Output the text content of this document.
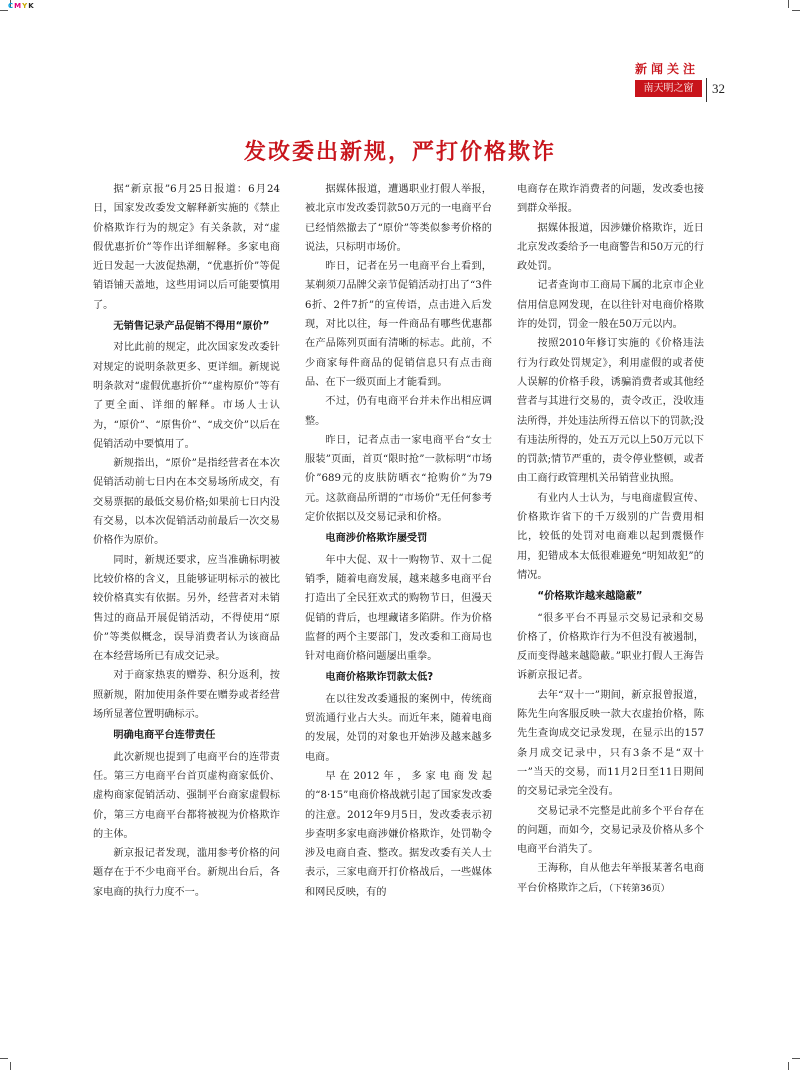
CMYK
新闻关注
南天明之窗	32
发改委出新规，严打价格欺诈

据“新京报”6月25日报道：6月24日，国家发改委发文解释新实施的《禁止价格欺诈行为的规定》有关条款，对“虚假优惠折价”等作出详细解释。多家电商近日发起一大波促热潮，“优惠折价”等促销语铺天盖地，这些用词以后可能要慎用了。

无销售记录产品促销不得用“原价”

对比此前的规定，此次国家发改委针对规定的说明条款更多、更详细。新规说明条款对“虚假优惠折价”“虚构原价”等有了更全面、详细的解释。市场人士认为，“原价”、“原售价”、“成交价”以后在促销活动中要慎用了。

新规指出，“原价”是指经营者在本次促销活动前七日内在本交易场所成交，有交易票据的最低交易价格;如果前七日内没有交易，以本次促销活动前最后一次交易价格作为原价。

同时，新规还要求，应当准确标明被比较价格的含义，且能够证明标示的被比较价格真实有依据。另外，经营者对未销售过的商品开展促销活动，不得使用“原价”等类似概念，误导消费者认为该商品在本经营场所已有成交记录。

对于商家热衷的赠券、积分返利，按照新规，附加使用条件要在赠券或者经营场所显著位置明确标示。

明确电商平台连带责任

此次新规也提到了电商平台的连带责任。第三方电商平台首页虚构商家低价、虚构商家促销活动、强制平台商家虚假标价，第三方电商平台都将被视为价格欺诈的主体。

新京报记者发现，滥用参考价格的问题存在于不少电商平台。新规出台后，各家电商的执行力度不一。

据媒体报道，遭遇职业打假人举报，被北京市发改委罚款50万元的一电商平台已经悄然撤去了“原价”等类似参考价格的说法，只标明市场价。

昨日，记者在另一电商平台上看到，某剃须刀品牌父亲节促销活动打出了“3件6折、2件7折”的宣传语，点击进入后发现，对比以往，每一件商品有哪些优惠都在产品陈列页面有清晰的标志。此前，不少商家每件商品的促销信息只有点击商品、在下一级页面上才能看到。

不过，仍有电商平台并未作出相应调整。

昨日，记者点击一家电商平台“女士服装”页面，首页“限时抢”一款标明“市场价”689元的皮肤防晒衣“抢购价”为79元。这款商品所谓的“市场价”无任何参考定价依据以及交易记录和价格。

电商涉价格欺诈屡受罚

年中大促、双十一购物节、双十二促销季，随着电商发展，越来越多电商平台打造出了全民狂欢式的购物节日，但漫天促销的背后，也埋藏诸多陷阱。作为价格监督的两个主要部门，发改委和工商局也针对电商价格问题屡出重拳。

电商价格欺诈罚款太低?

在以往发改委通报的案例中，传统商贸流通行业占大头。而近年来，随着电商的发展，处罚的对象也开始涉及越来越多电商。

早在2012年，多家电商发起的“8·15”电商价格战就引起了国家发改委的注意。2012年9月5日，发改委表示初步查明多家电商涉嫌价格欺诈，处罚勒令涉及电商自查、整改。据发改委有关人士表示，三家电商开打价格战后，一些媒体和网民反映，有的

电商存在欺诈消费者的问题，发改委也接到群众举报。

据媒体报道，因涉嫌价格欺诈，近日北京发改委给予一电商警告和50万元的行政处罚。

记者查询市工商局下属的北京市企业信用信息网发现，在以往针对电商价格欺诈的处罚，罚金一般在50万元以内。

按照2010年修订实施的《价格违法行为行政处罚规定》，利用虚假的或者使人误解的价格手段，诱骗消费者或其他经营者与其进行交易的，责令改正，没收违法所得，并处违法所得五倍以下的罚款;没有违法所得的，处五万元以上50万元以下的罚款;情节严重的，责令停业整顿，或者由工商行政管理机关吊销营业执照。

有业内人士认为，与电商虚假宣传、价格欺诈省下的千万级别的广告费用相比，较低的处罚对电商难以起到震慑作用，犯错成本太低很难避免“明知故犯”的情况。

“价格欺诈越来越隐蔽”

“很多平台不再显示交易记录和交易价格了，价格欺诈行为不但没有被遏制，反而变得越来越隐蔽。”职业打假人王海告诉新京报记者。

去年“双十一”期间，新京报曾报道，陈先生向客服反映一款大衣虚抬价格，陈先生查询成交记录发现，在显示出的157条月成交记录中，只有3条不是“双十一”当天的交易，而11月2日至11日期间的交易记录完全没有。

交易记录不完整是此前多个平台存在的问题，而如今，交易记录及价格从多个电商平台消失了。

王海称，自从他去年举报某著名电商平台价格欺诈之后，（下转第36页）
